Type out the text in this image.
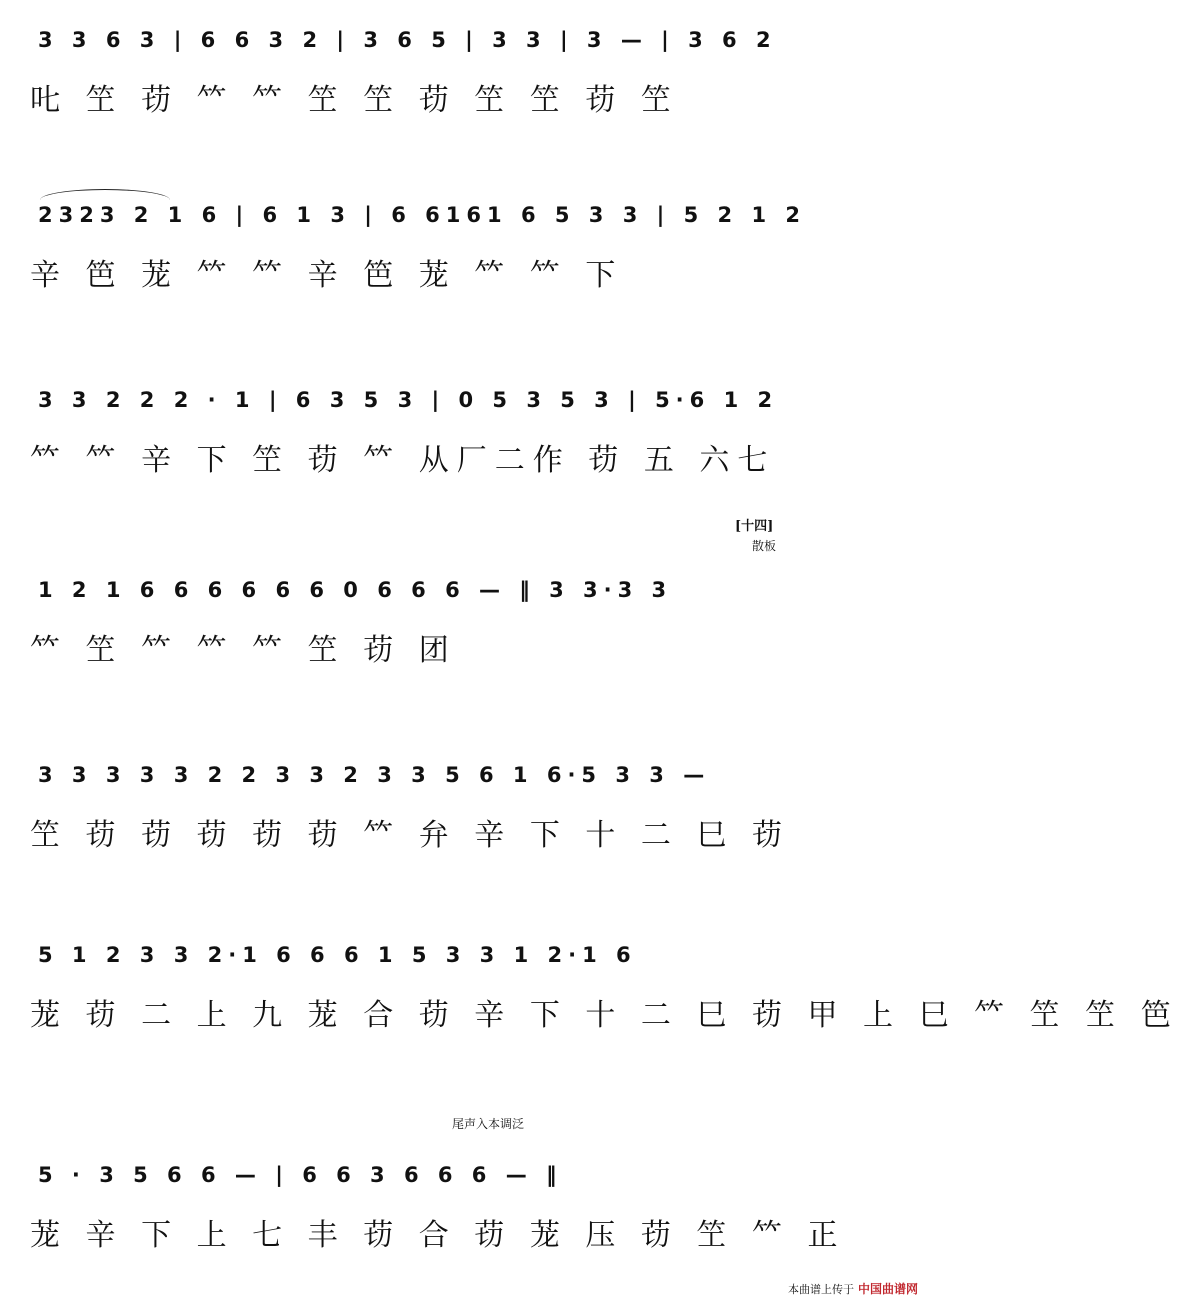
3 3 6 3 | 6 6 3 2 | 3 6 5 | 3 3 | 3 — | 3 6 2
𠮟 笁 苆 𥫗 𥫗 笁 笁 苆 笁 笁 苆 笁
2323 2 1 6 | 6 1 3 | 6 6161 6 5 3 3 | 5 2 1 2
辛 笆 茏 𥫗 𥫗 辛 笆 茏 𥫗 𥫗 下
3 3 2 2 2 · 1 | 6 3 5 3 | 0 5 3 5 3 | 5·6 1 2
𥫗 𥫗 辛 下 笁 苆 𥫗 从厂二作 苆 五 六七
[十四]
散板
1 2 1 6 6 6 6 6 6 0 6 6 6 — ‖ 3 3·3 3
𥫗 笁 𥫗 𥫗 𥫗 笁 苆 团
3 3 3 3 3 2 2 3 3 2 3 3 5 6 1 6·5 3 3 —
笁 苆 苆 苆 苆 苆 𥫗 弁 辛 下 十 二 巳 苆
5 1 2 3 3 2·1 6 6 6 1 5 3 3 1 2·1 6
茏 苆 二 上 九 茏 合 苆 辛 下 十 二 巳 苆 甲 上 巳 𥫗 笁 笁 笆
尾声入本调泛
5 · 3 5 6 6 — | 6 6 3 6 6 6 — ‖
茏 辛 下 上 七 丰 苆 合 苆 茏 压 苆 笁 𥫗 正
本曲谱上传于 中国曲谱网
